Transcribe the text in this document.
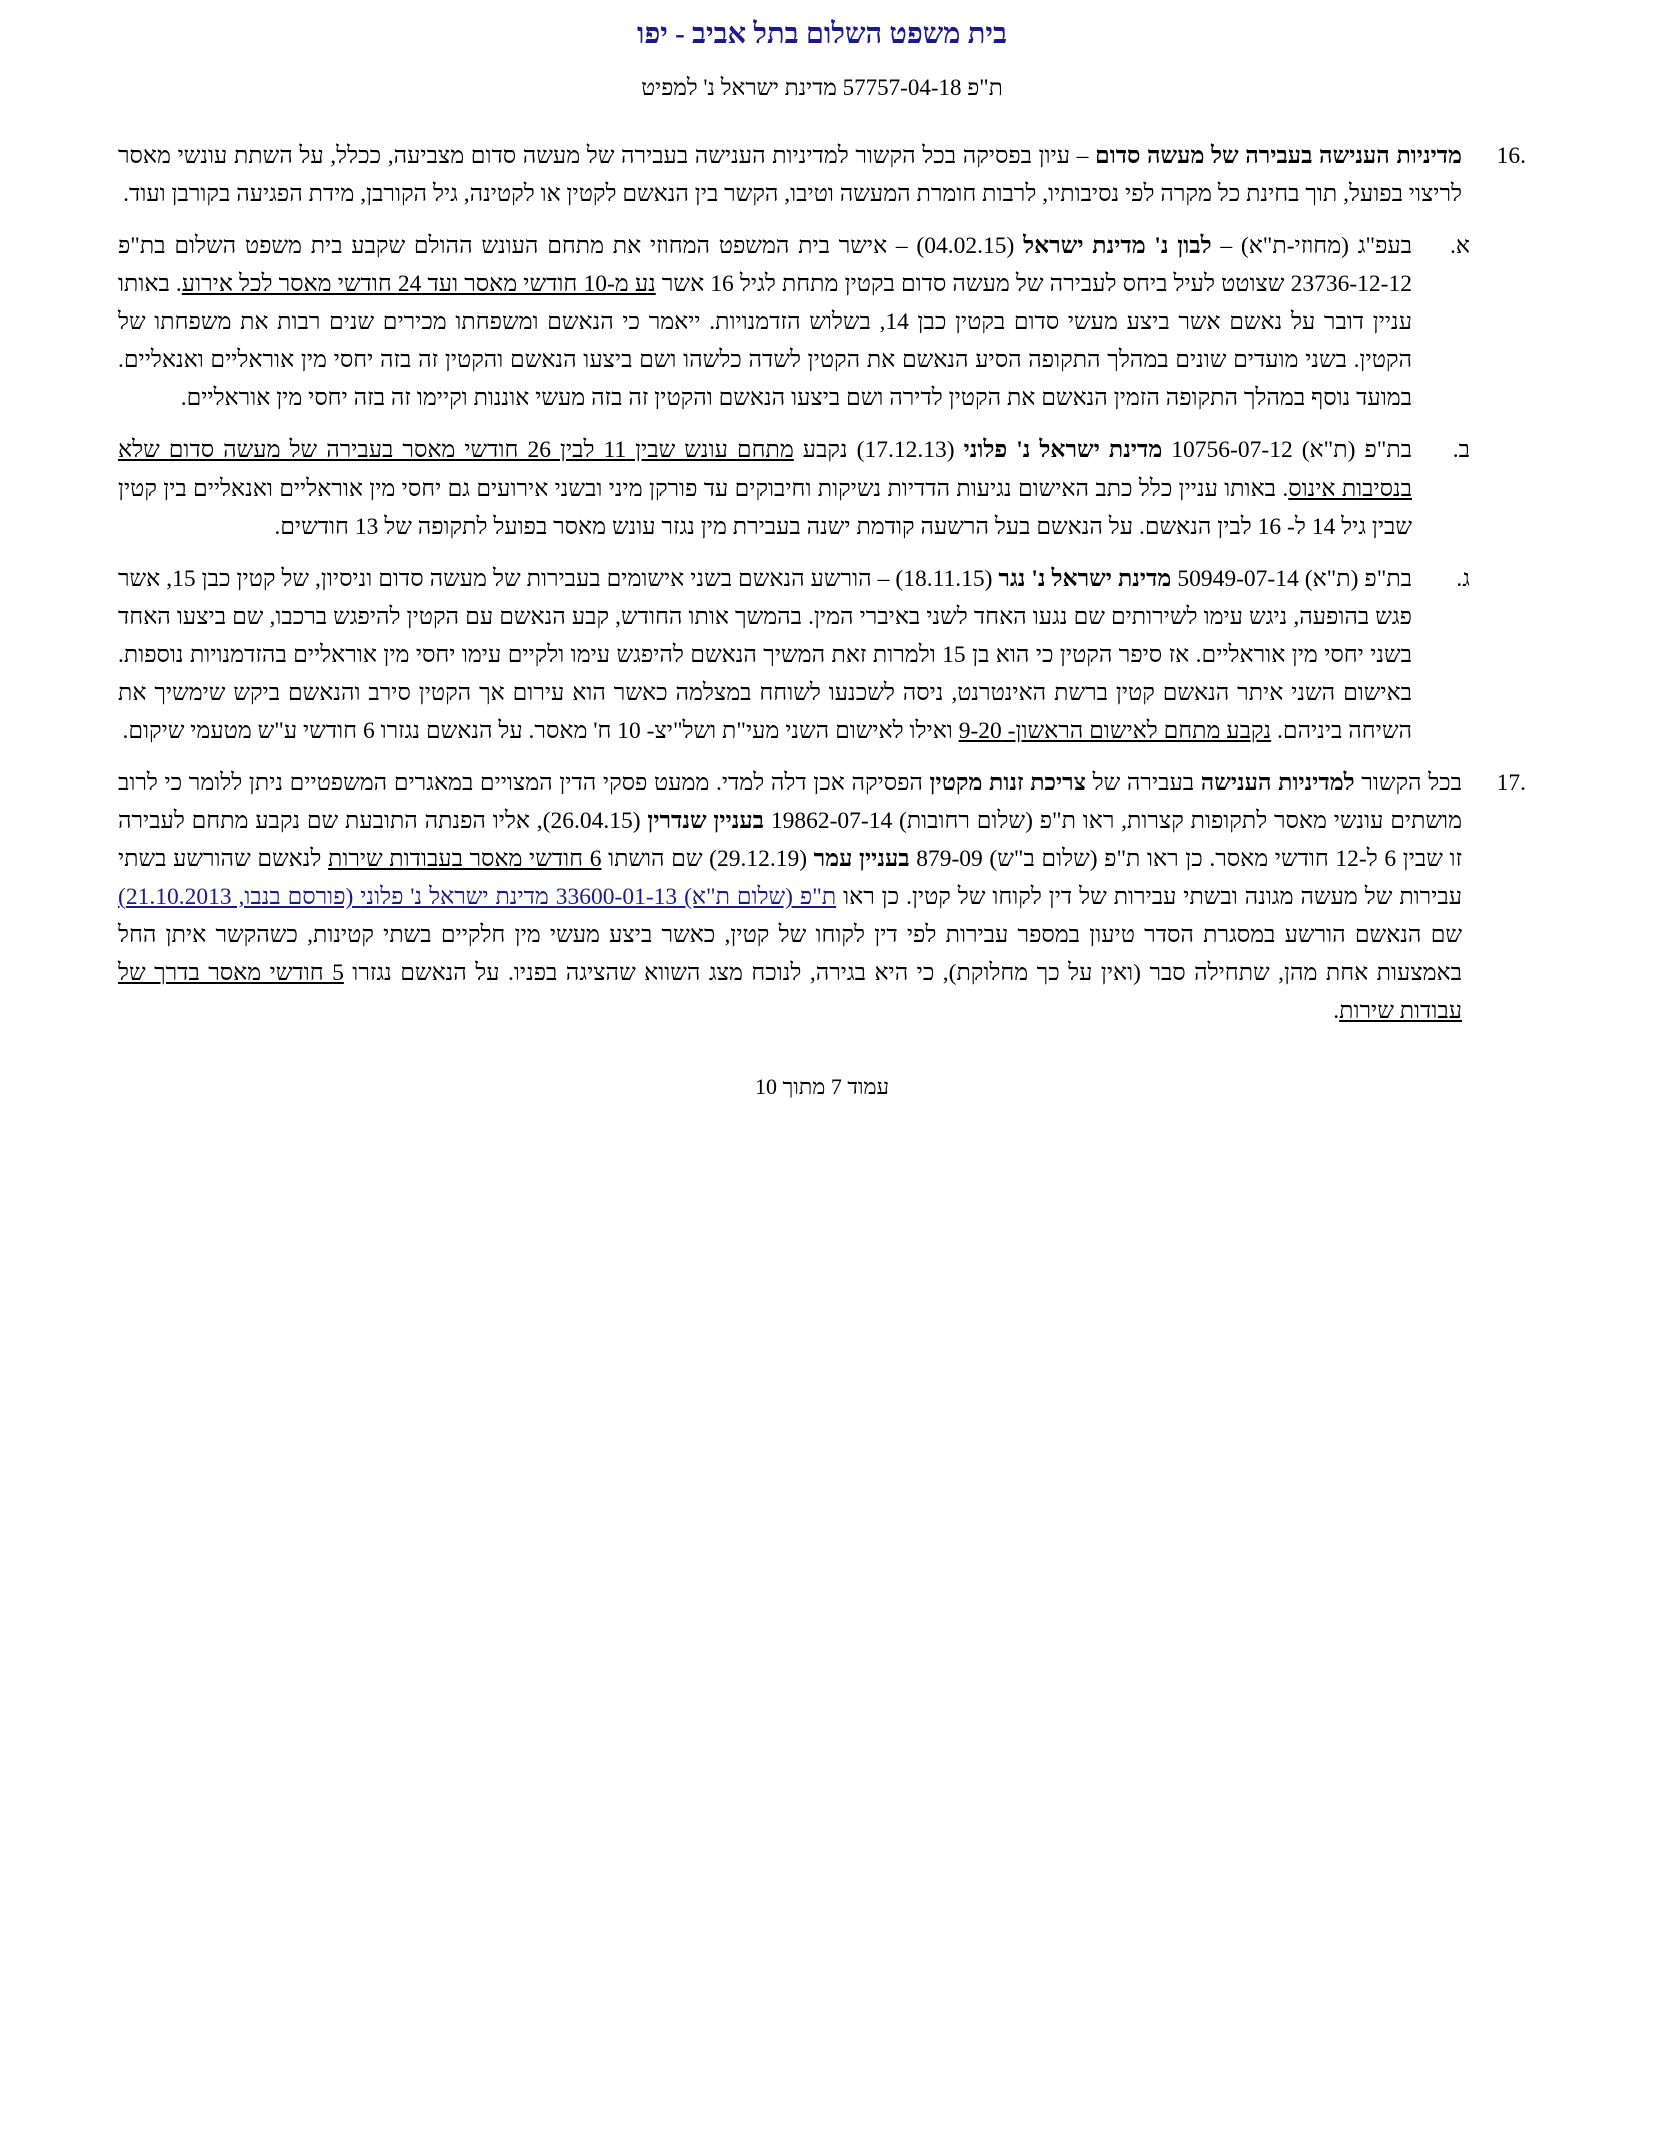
בית משפט השלום בתל אביב - יפו
ת"פ 57757-04-18 מדינת ישראל נ' למפיט
.16
מדיניות הענישה בעבירה של מעשה סדום – עיון בפסיקה בכל הקשור למדיניות הענישה בעבירה של מעשה סדום מצביעה, ככלל, על השתת עונשי מאסר לריצוי בפועל, תוך בחינת כל מקרה לפי נסיבותיו, לרבות חומרת המעשה וטיבו, הקשר בין הנאשם לקטין או לקטינה, גיל הקורבן, מידת הפגיעה בקורבן ועוד.
א.
בעפ"ג (מחוזי-ת"א) – לבון נ' מדינת ישראל (04.02.15) – אישר בית המשפט המחוזי את מתחם העונש ההולם שקבע בית משפט השלום בת"פ 23736-12-12 שצוטט לעיל ביחס לעבירה של מעשה סדום בקטין מתחת לגיל 16 אשר נע מ-10 חודשי מאסר ועד 24 חודשי מאסר לכל אירוע. באותו עניין דובר על נאשם אשר ביצע מעשי סדום בקטין כבן 14, בשלוש הזדמנויות. ייאמר כי הנאשם ומשפחתו מכירים שנים רבות את משפחתו של הקטין. בשני מועדים שונים במהלך התקופה הסיע הנאשם את הקטין לשדה כלשהו ושם ביצעו הנאשם והקטין זה בזה יחסי מין אוראליים ואנאליים. במועד נוסף במהלך התקופה הזמין הנאשם את הקטין לדירה ושם ביצעו הנאשם והקטין זה בזה מעשי אוננות וקיימו זה בזה יחסי מין אוראליים.
ב.
בת"פ (ת"א) 10756-07-12 מדינת ישראל נ' פלוני (17.12.13) נקבע מתחם עונש שבין 11 לבין 26 חודשי מאסר בעבירה של מעשה סדום שלא בנסיבות אינוס. באותו עניין כלל כתב האישום נגיעות הדדיות נשיקות וחיבוקים עד פורקן מיני ובשני אירועים גם יחסי מין אוראליים ואנאליים בין קטין שבין גיל 14 ל- 16 לבין הנאשם. על הנאשם בעל הרשעה קודמת ישנה בעבירת מין נגזר עונש מאסר בפועל לתקופה של 13 חודשים.
ג.
בת"פ (ת"א) 50949-07-14 מדינת ישראל נ' נגר (18.11.15) – הורשע הנאשם בשני אישומים בעבירות של מעשה סדום וניסיון, של קטין כבן 15, אשר פגש בהופעה, ניגש עימו לשירותים שם נגעו האחד לשני באיברי המין. בהמשך אותו החודש, קבע הנאשם עם הקטין להיפגש ברכבו, שם ביצעו האחד בשני יחסי מין אוראליים. אז סיפר הקטין כי הוא בן 15 ולמרות זאת המשיך הנאשם להיפגש עימו ולקיים עימו יחסי מין אוראליים בהזדמנויות נוספות. באישום השני איתר הנאשם קטין ברשת האינטרנט, ניסה לשכנעו לשוחח במצלמה כאשר הוא עירום אך הקטין סירב והנאשם ביקש שימשיך את השיחה ביניהם. נקבע מתחם לאישום הראשון- 9-20 ואילו לאישום השני מעי"ת ושל"יצ- 10 ח' מאסר. על הנאשם נגזרו 6 חודשי ע"ש מטעמי שיקום.
.17
בכל הקשור למדיניות הענישה בעבירה של צריכת זנות מקטין הפסיקה אכן דלה למדי. ממעט פסקי הדין המצויים במאגרים המשפטיים ניתן ללומר כי לרוב מושתים עונשי מאסר לתקופות קצרות, ראו ת"פ (שלום רחובות) 19862-07-14 בעניין שנדרין (26.04.15), אליו הפנתה התובעת שם נקבע מתחם לעבירה זו שבין 6 ל-12 חודשי מאסר. כן ראו ת"פ (שלום ב"ש) 879-09 בעניין עמר (29.12.19) שם הושתו 6 חודשי מאסר בעבודות שירות לנאשם שהורשע בשתי עבירות של מעשה מגונה ובשתי עבירות של דין לקוחו של קטין. כן ראו ת"פ (שלום ת"א) 33600-01-13 מדינת ישראל נ' פלוני (פורסם בנבו, 21.10.2013) שם הנאשם הורשע במסגרת הסדר טיעון במספר עבירות לפי דין לקוחו של קטין, כאשר ביצע מעשי מין חלקיים בשתי קטינות, כשהקשר איתן החל באמצעות אחת מהן, שתחילה סבר (ואין על כך מחלוקת), כי היא בגירה, לנוכח מצג השווא שהציגה בפניו. על הנאשם נגזרו 5 חודשי מאסר בדרך של עבודות שירות.
עמוד 7 מתוך 10
